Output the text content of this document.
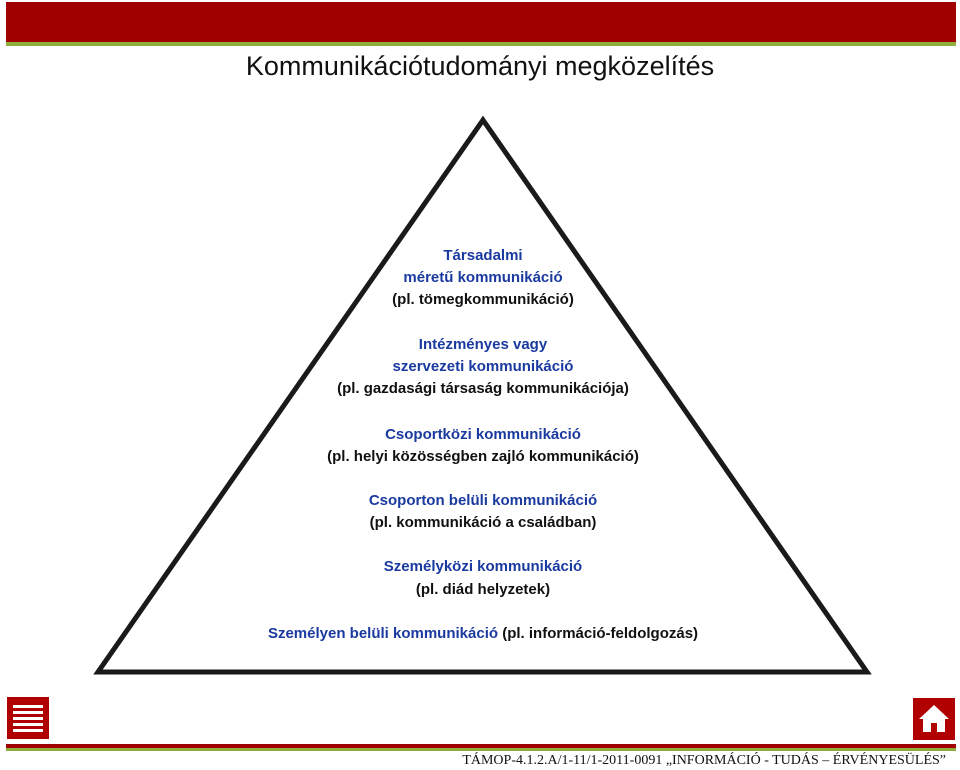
Kommunikációtudományi megközelítés
Társadalmi
méretű kommunikáció
(pl. tömegkommunikáció)
Intézményes vagy
szervezeti kommunikáció
(pl. gazdasági társaság kommunikációja)
Csoportközi kommunikáció
(pl. helyi közösségben zajló kommunikáció)
Csoporton belüli kommunikáció
(pl. kommunikáció a családban)
Személyközi kommunikáció
(pl. diád helyzetek)
Személyen belüli kommunikáció (pl. információ-feldolgozás)
TÁMOP-4.1.2.A/1-11/1-2011-0091 „INFORMÁCIÓ - TUDÁS – ÉRVÉNYESÜLÉS”
